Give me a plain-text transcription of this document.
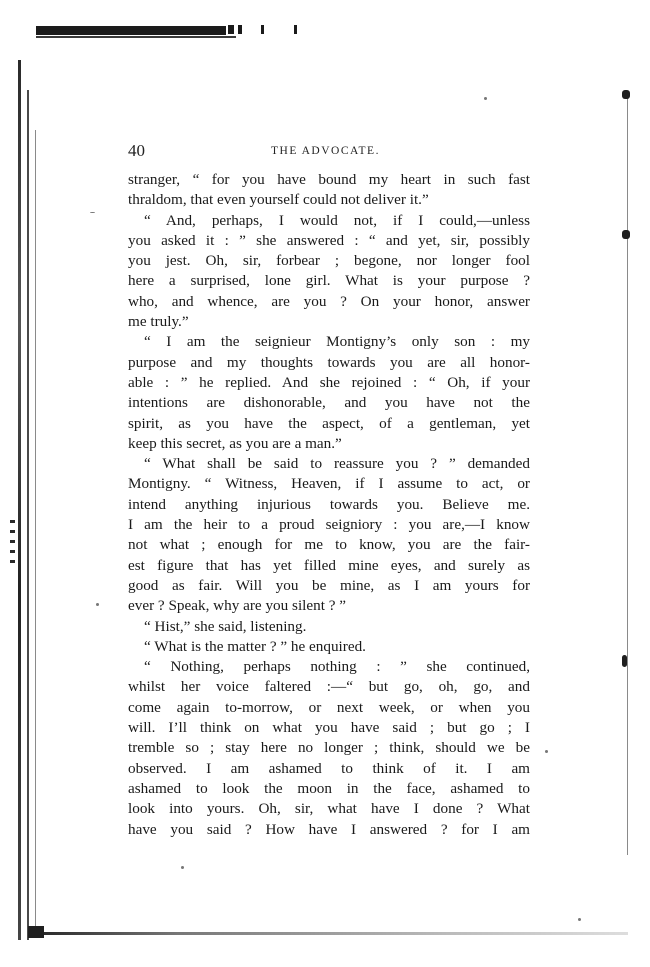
40	THE ADVOCATE.
stranger, “ for you have bound my heart in such fast
thraldom, that even yourself could not deliver it.”
“ And, perhaps, I would not, if I could,—unless
you asked it : ” she answered : “ and yet, sir, possibly
you jest. Oh, sir, forbear ; begone, nor longer fool
here a surprised, lone girl. What is your purpose ?
who, and whence, are you ? On your honor, answer
me truly.”
“ I am the seignieur Montigny’s only son : my
purpose and my thoughts towards you are all honor-
able : ” he replied. And she rejoined : “ Oh, if your
intentions are dishonorable, and you have not the
spirit, as you have the aspect, of a gentleman, yet
keep this secret, as you are a man.”
“ What shall be said to reassure you ? ” demanded
Montigny. “ Witness, Heaven, if I assume to act, or
intend anything injurious towards you. Believe me.
I am the heir to a proud seigniory : you are,—I know
not what ; enough for me to know, you are the fair-
est figure that has yet filled mine eyes, and surely as
good as fair. Will you be mine, as I am yours for
ever ? Speak, why are you silent ? ”
“ Hist,” she said, listening.
“ What is the matter ? ” he enquired.
“ Nothing, perhaps nothing : ” she continued,
whilst her voice faltered :—“ but go, oh, go, and
come again to-morrow, or next week, or when you
will. I’ll think on what you have said ; but go ; I
tremble so ; stay here no longer ; think, should we be
observed. I am ashamed to think of it. I am
ashamed to look the moon in the face, ashamed to
look into yours. Oh, sir, what have I done ? What
have you said ? How have I answered ? for I am
